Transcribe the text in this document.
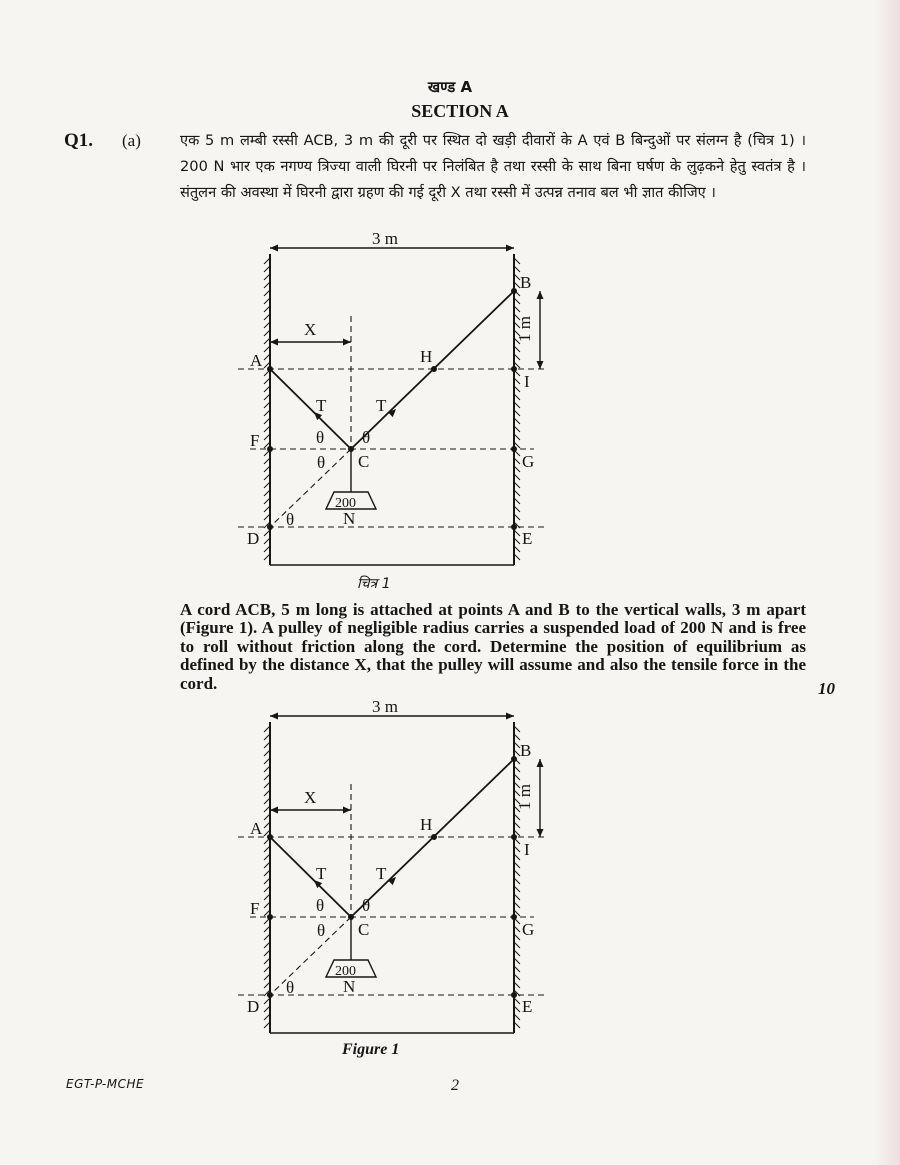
खण्ड A
SECTION A
Q1. (a)	एक 5 m लम्बी रस्सी ACB, 3 m की दूरी पर स्थित दो खड़ी दीवारों के A एवं B बिन्दुओं पर संलग्न है (चित्र 1) । 200 N भार एक नगण्य त्रिज्या वाली घिरनी पर निलंबित है तथा रस्सी के साथ बिना घर्षण के लुढ़कने हेतु स्वतंत्र है । संतुलन की अवस्था में घिरनी द्वारा ग्रहण की गई दूरी X तथा रस्सी में उत्पन्न तनाव बल भी ज्ञात कीजिए ।

3 m
X	1 m
T	T
θ θ
θ
θ
200
N
A
B
C
D	E
F
G
H
I
चित्र 1

A cord ACB, 5 m long is attached at points A and B to the vertical walls, 3 m apart (Figure 1). A pulley of negligible radius carries a suspended load of 200 N and is free to roll without friction along the cord. Determine the position of equilibrium as defined by the distance X, that the pulley will assume and also the tensile force in the cord.	10
3 m
X	1 m
T	T
θ θ
θ
θ
200
N
A
B
C
D	E
F
G
H
I
Figure 1
EGT-P-MCHE	2
